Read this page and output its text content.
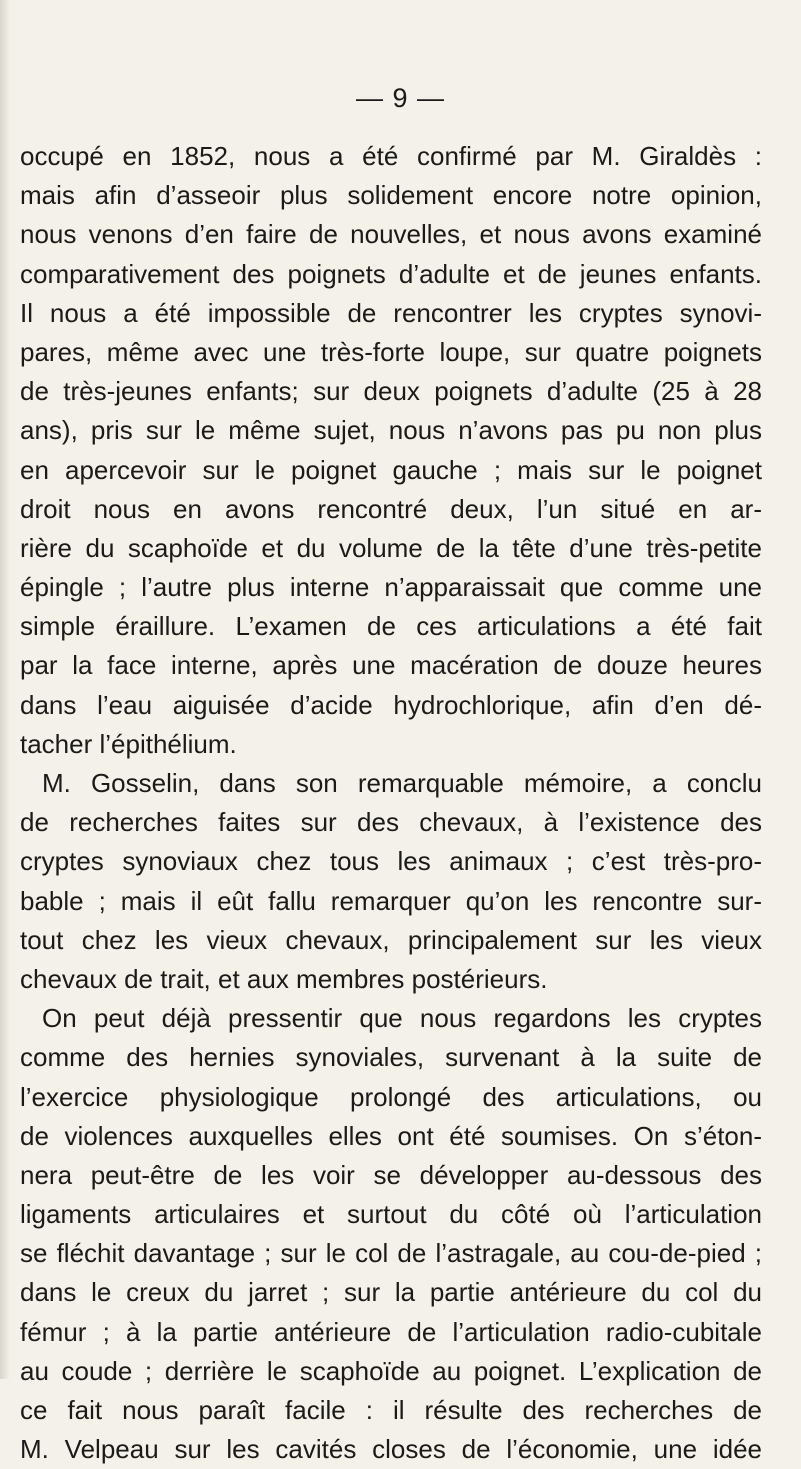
— 9 —
occupé en 1852, nous a été confirmé par M. Giraldès :
mais afin d’asseoir plus solidement encore notre opinion,
nous venons d’en faire de nouvelles, et nous avons examiné
comparativement des poignets d’adulte et de jeunes enfants.
Il nous a été impossible de rencontrer les cryptes synovi-
pares, même avec une très-forte loupe, sur quatre poignets
de très-jeunes enfants; sur deux poignets d’adulte (25 à 28
ans), pris sur le même sujet, nous n’avons pas pu non plus
en apercevoir sur le poignet gauche ; mais sur le poignet
droit nous en avons rencontré deux, l’un situé en ar-
rière du scaphoïde et du volume de la tête d’une très-petite
épingle ; l’autre plus interne n’apparaissait que comme une
simple éraillure. L’examen de ces articulations a été fait
par la face interne, après une macération de douze heures
dans l’eau aiguisée d’acide hydrochlorique, afin d’en dé-
tacher l’épithélium.
M. Gosselin, dans son remarquable mémoire, a conclu
de recherches faites sur des chevaux, à l’existence des
cryptes synoviaux chez tous les animaux ; c’est très-pro-
bable ; mais il eût fallu remarquer qu’on les rencontre sur-
tout chez les vieux chevaux, principalement sur les vieux
chevaux de trait, et aux membres postérieurs.
On peut déjà pressentir que nous regardons les cryptes
comme des hernies synoviales, survenant à la suite de
l’exercice physiologique prolongé des articulations, ou
de violences auxquelles elles ont été soumises. On s’éton-
nera peut-être de les voir se développer au-dessous des
ligaments articulaires et surtout du côté où l’articulation
se fléchit davantage ; sur le col de l’astragale, au cou-de-pied ;
dans le creux du jarret ; sur la partie antérieure du col du
fémur ; à la partie antérieure de l’articulation radio-cubitale
au coude ; derrière le scaphoïde au poignet. L’explication de
ce fait nous paraît facile : il résulte des recherches de
M. Velpeau sur les cavités closes de l’économie, une idée
